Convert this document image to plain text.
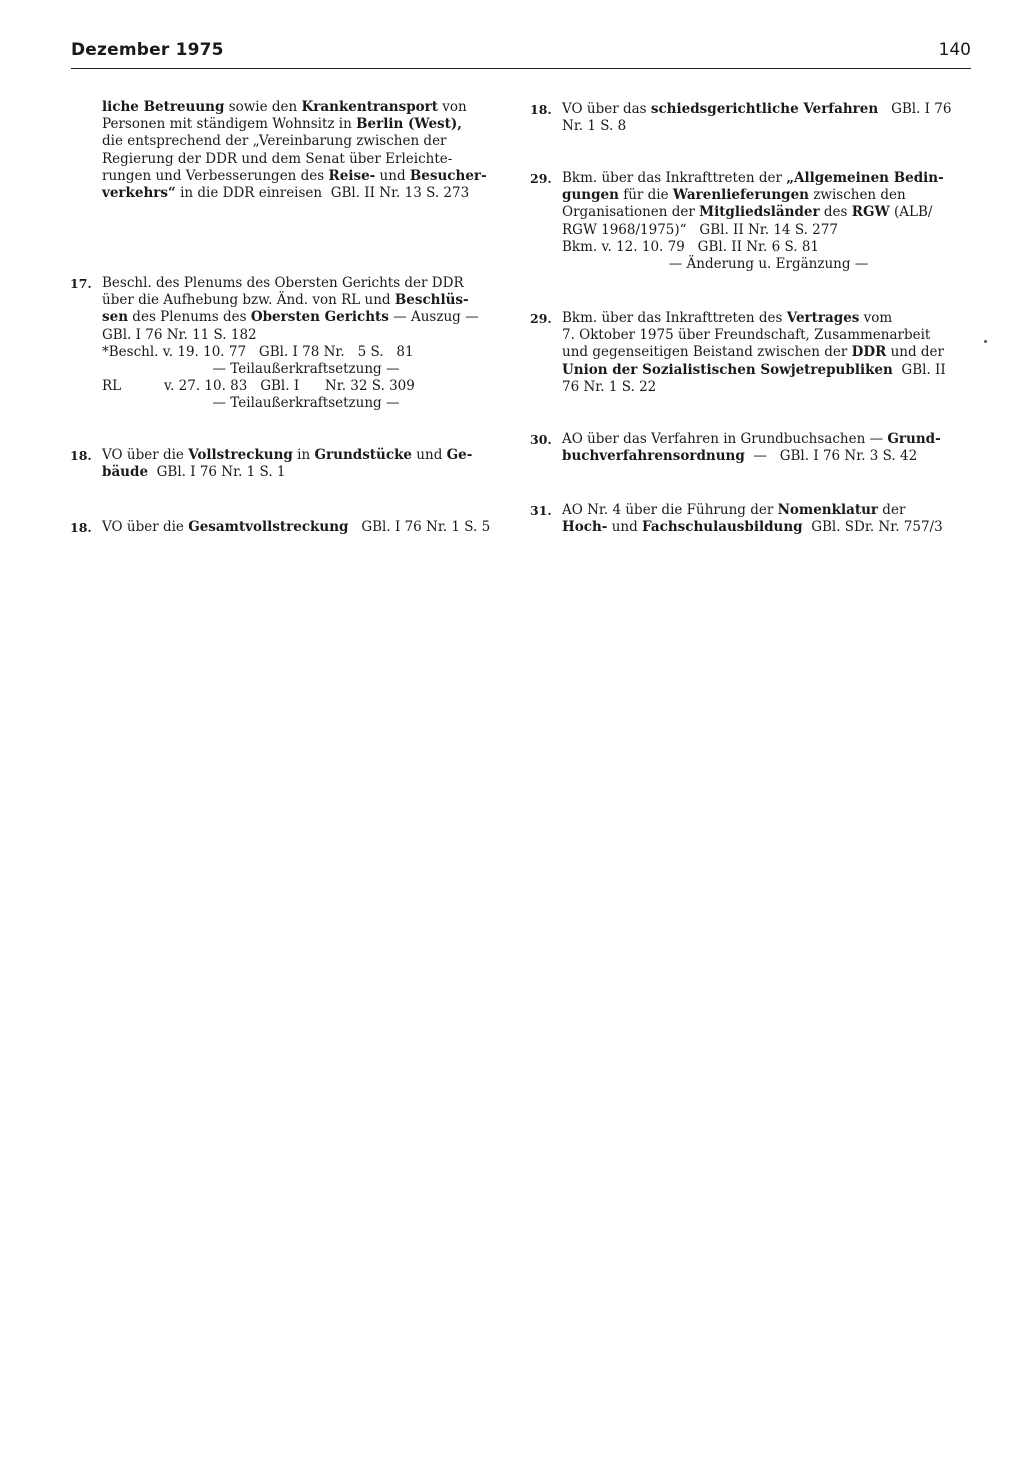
Dezember 1975	140
liche Betreuung sowie den Krankentransport von
Personen mit ständigem Wohnsitz in Berlin (West),
die entsprechend der „Vereinbarung zwischen der
Regierung der DDR und dem Senat über Erleichte-
rungen und Verbesserungen des Reise- und Besucher-
verkehrs“ in die DDR einreisen  GBl. II Nr. 13 S. 273
17. Beschl. des Plenums des Obersten Gerichts der DDR
über die Aufhebung bzw. Änd. von RL und Beschlüs-
sen des Plenums des Obersten Gerichts — Auszug —
GBl. I 76 Nr. 11 S. 182
*Beschl. v. 19. 10. 77   GBl. I 78 Nr.   5 S.   81
— Teilaußerkraftsetzung —
RL          v. 27. 10. 83   GBl. I      Nr. 32 S. 309
— Teilaußerkraftsetzung —
18. VO über die Vollstreckung in Grundstücke und Ge-
bäude  GBl. I 76 Nr. 1 S. 1
18. VO über die Gesamtvollstreckung   GBl. I 76 Nr. 1 S. 5
18. VO über das schiedsgerichtliche Verfahren   GBl. I 76
Nr. 1 S. 8
29. Bkm. über das Inkrafttreten der „Allgemeinen Bedin-
gungen für die Warenlieferungen zwischen den
Organisationen der Mitgliedsländer des RGW (ALB/
RGW 1968/1975)“   GBl. II Nr. 14 S. 277
Bkm. v. 12. 10. 79   GBl. II Nr. 6 S. 81
— Änderung u. Ergänzung —
29. Bkm. über das Inkrafttreten des Vertrages vom
7. Oktober 1975 über Freundschaft, Zusammenarbeit
und gegenseitigen Beistand zwischen der DDR und der
Union der Sozialistischen Sowjetrepubliken  GBl. II
76 Nr. 1 S. 22
30. AO über das Verfahren in Grundbuchsachen — Grund-
buchverfahrensordnung  —   GBl. I 76 Nr. 3 S. 42
31. AO Nr. 4 über die Führung der Nomenklatur der
Hoch- und Fachschulausbildung  GBl. SDr. Nr. 757/3
